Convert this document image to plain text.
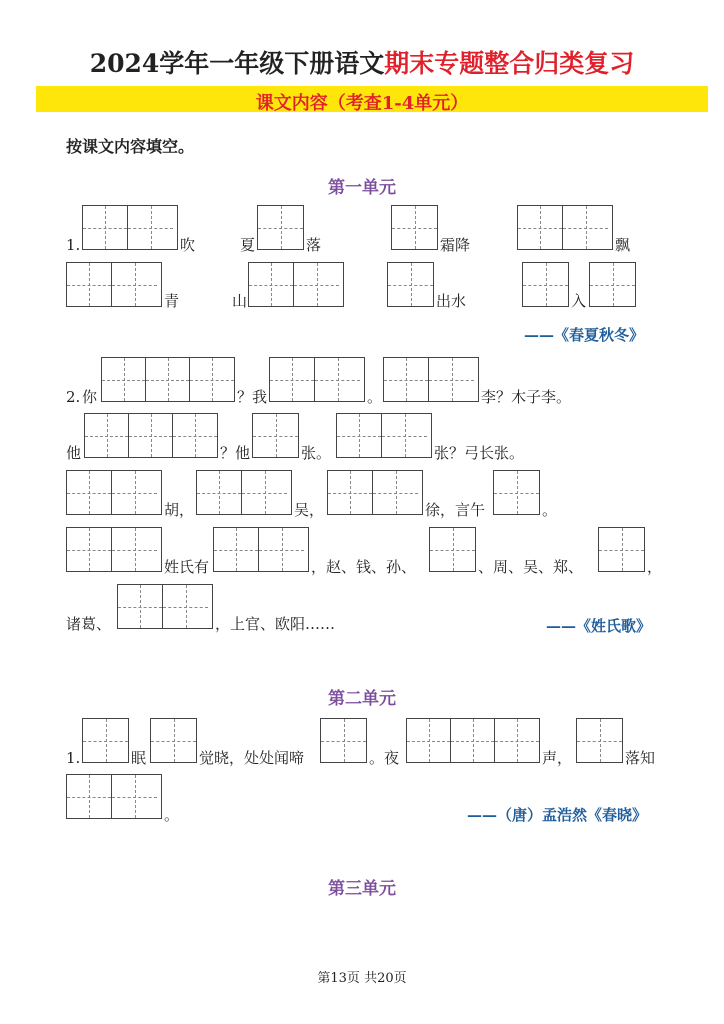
2024学年一年级下册语文期末专题整合归类复习
课文内容（考查1-4单元）
按课文内容填空。
第一单元
1.	吹	夏	落	霜降	飘
青	山	出水	入
——《春夏秋冬》
2. 你	？我	。	李？木子李。
他	？他	张。	张？弓长张。
胡，	吴，	徐，言午	。
姓氏有	，赵、钱、孙、	、周、吴、郑、	，
诸葛、	，上官、欧阳……	——《姓氏歌》
第二单元
1.	眠	觉晓，处处闻啼	。夜	声，	落知
。	——（唐）孟浩然《春晓》
第三单元
第13页 共20页
